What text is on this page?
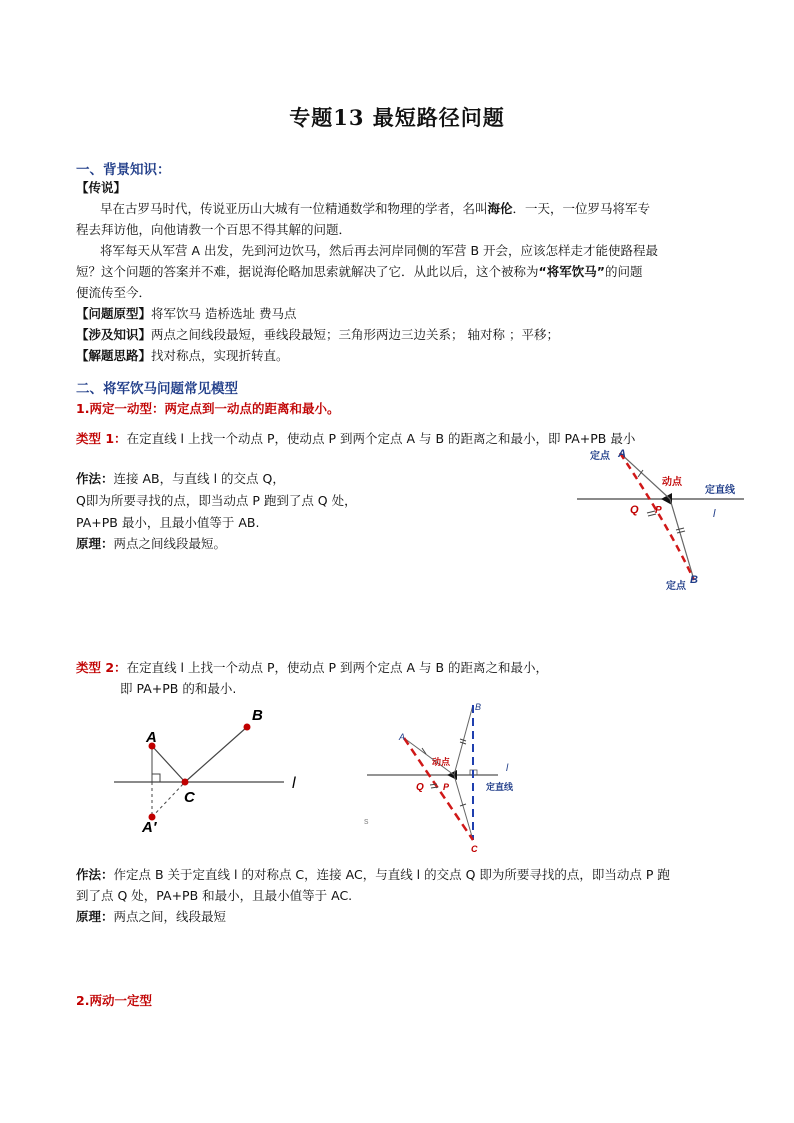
专题13 最短路径问题
一、背景知识：
【传说】
早在古罗马时代，传说亚历山大城有一位精通数学和物理的学者，名叫海伦．一天，一位罗马将军专
程去拜访他，向他请教一个百思不得其解的问题．
将军每天从军营 A 出发，先到河边饮马，然后再去河岸同侧的军营 B 开会，应该怎样走才能使路程最
短？这个问题的答案并不难，据说海伦略加思索就解决了它．从此以后，这个被称为“将军饮马”的问题
便流传至今．
【问题原型】将军饮马 造桥选址 费马点
【涉及知识】两点之间线段最短，垂线段最短；三角形两边三边关系； 轴对称 ；平移；
【解题思路】找对称点，实现折转直。
二、将军饮马问题常见模型
1.两定一动型：两定点到一动点的距离和最小。
类型 1：在定直线 l 上找一个动点 P，使动点 P 到两个定点 A 与 B 的距离之和最小，即 PA+PB 最小
作法：连接 AB，与直线 l 的交点 Q，
Q即为所要寻找的点，即当动点 P 跑到了点 Q 处，
PA+PB 最小，且最小值等于 AB.
原理：两点之间线段最短。
定点 A
动点
定直线
l
Q P
定点
B
类型 2：在定直线 l 上找一个动点 P，使动点 P 到两个定点 A 与 B 的距离之和最小，
即 PA+PB 的和最小.
A
B
C
A′
l
A
B
C
动点
定直线
l
Q P
s
作法：作定点 B 关于定直线 l 的对称点 C，连接 AC，与直线 l 的交点 Q 即为所要寻找的点，即当动点 P 跑
到了点 Q 处，PA+PB 和最小，且最小值等于 AC.
原理：两点之间，线段最短
2.两动一定型
